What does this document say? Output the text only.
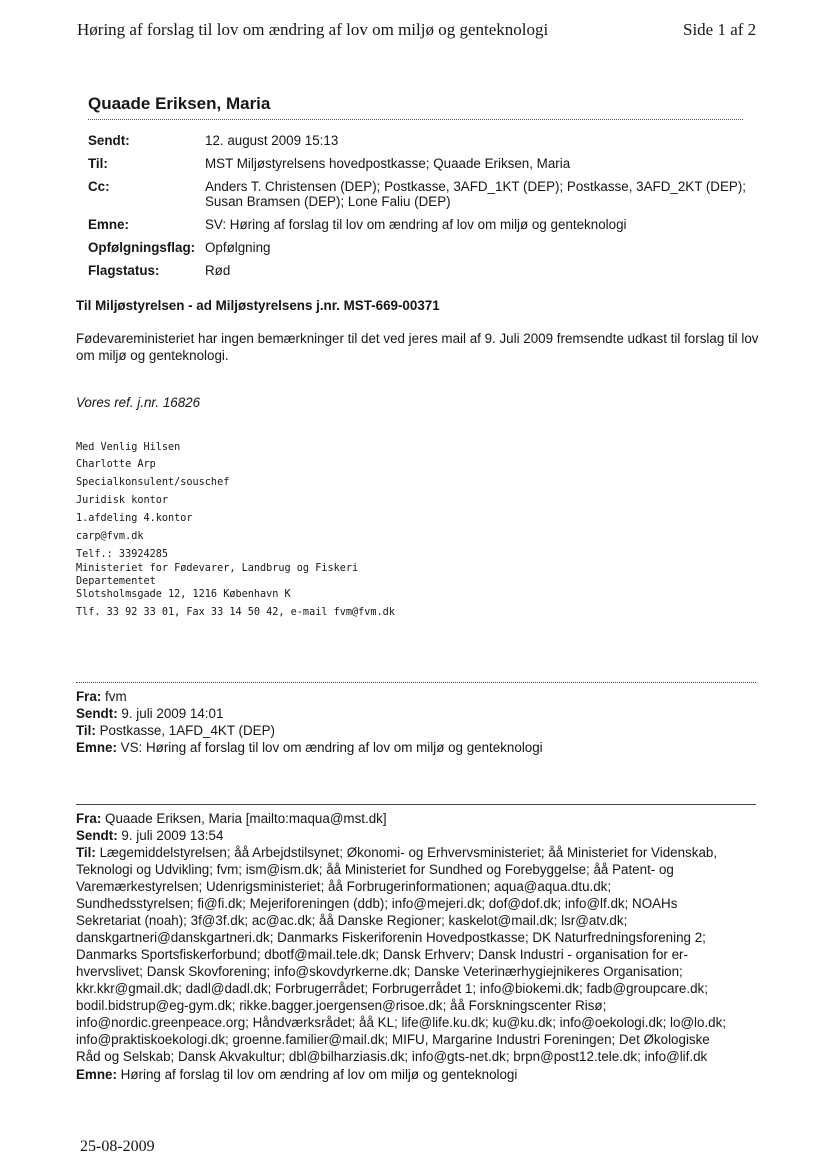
Høring af forslag til lov om ændring af lov om miljø og genteknologi	Side 1 af 2
Quaade Eriksen, Maria
Sendt:	12. august 2009 15:13
Til:	MST Miljøstyrelsens hovedpostkasse; Quaade Eriksen, Maria
Cc:	Anders T. Christensen (DEP); Postkasse, 3AFD_1KT (DEP); Postkasse, 3AFD_2KT (DEP); Susan Bramsen (DEP); Lone Faliu (DEP)
Emne:	SV: Høring af forslag til lov om ændring af lov om miljø og genteknologi
Opfølgningsflag: Opfølgning
Flagstatus:	Rød
Til Miljøstyrelsen - ad Miljøstyrelsens j.nr. MST-669-00371
Fødevareministeriet har ingen bemærkninger til det ved jeres mail af 9. Juli 2009 fremsendte udkast til forslag til lov om miljø og genteknologi.
Vores ref. j.nr. 16826
Med Venlig Hilsen
Charlotte Arp
Specialkonsulent/souschef
Juridisk kontor
1.afdeling 4.kontor
carp@fvm.dk
Telf.: 33924285
Ministeriet for Fødevarer, Landbrug og Fiskeri
Departementet
Slotsholmsgade 12, 1216 København K
Tlf. 33 92 33 01, Fax 33 14 50 42, e-mail fvm@fvm.dk
Fra: fvm
Sendt: 9. juli 2009 14:01
Til: Postkasse, 1AFD_4KT (DEP)
Emne: VS: Høring af forslag til lov om ændring af lov om miljø og genteknologi
Fra: Quaade Eriksen, Maria [mailto:maqua@mst.dk]
Sendt: 9. juli 2009 13:54
Til: Lægemiddelstyrelsen; åå Arbejdstilsynet; Økonomi- og Erhvervsministeriet; åå Ministeriet for Videnskab,
Teknologi og Udvikling; fvm; ism@ism.dk; åå Ministeriet for Sundhed og Forebyggelse; åå Patent- og
Varemærkestyrelsen; Udenrigsministeriet; åå Forbrugerinformationen; aqua@aqua.dtu.dk;
Sundhedsstyrelsen; fi@fi.dk; Mejeriforeningen (ddb); info@mejeri.dk; dof@dof.dk; info@lf.dk; NOAHs
Sekretariat (noah); 3f@3f.dk; ac@ac.dk; åå Danske Regioner; kaskelot@mail.dk; lsr@atv.dk;
danskgartneri@danskgartneri.dk; Danmarks Fiskeriforenin Hovedpostkasse; DK Naturfredningsforening 2;
Danmarks Sportsfiskerforbund; dbotf@mail.tele.dk; Dansk Erhverv; Dansk Industri - organisation for er-
hvervslivet; Dansk Skovforening; info@skovdyrkerne.dk; Danske Veterinærhygiejnikeres Organisation;
kkr.kkr@gmail.dk; dadl@dadl.dk; Forbrugerrådet; Forbrugerrådet 1; info@biokemi.dk; fadb@groupcare.dk;
bodil.bidstrup@eg-gym.dk; rikke.bagger.joergensen@risoe.dk; åå Forskningscenter Risø;
info@nordic.greenpeace.org; Håndværksrådet; åå KL; life@life.ku.dk; ku@ku.dk; info@oekologi.dk; lo@lo.dk;
info@praktiskoekologi.dk; groenne.familier@mail.dk; MIFU, Margarine Industri Foreningen; Det Økologiske
Råd og Selskab; Dansk Akvakultur; dbl@bilharziasis.dk; info@gts-net.dk; brpn@post12.tele.dk; info@lif.dk
Emne: Høring af forslag til lov om ændring af lov om miljø og genteknologi
25-08-2009
